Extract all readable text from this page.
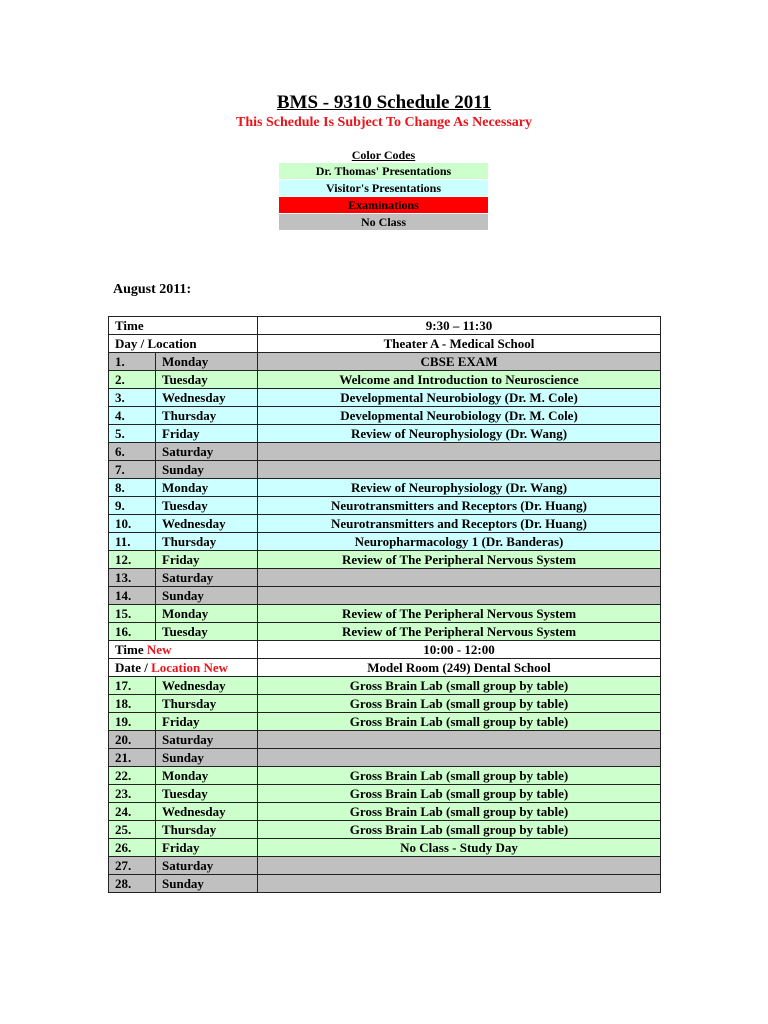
BMS - 9310 Schedule 2011
This Schedule Is Subject To Change As Necessary
Color Codes
Dr. Thomas' Presentations
Visitor's Presentations
Examinations
No Class
August 2011:
Time		9:30 – 11:30
Day / Location		Theater A - Medical School
1.	Monday	CBSE EXAM
2.	Tuesday	Welcome and Introduction to Neuroscience
3.	Wednesday	Developmental Neurobiology (Dr. M. Cole)
4.	Thursday	Developmental Neurobiology (Dr. M. Cole)
5.	Friday	Review of Neurophysiology (Dr. Wang)
6.	Saturday	
7.	Sunday	
8.	Monday	Review of Neurophysiology (Dr. Wang)
9.	Tuesday	Neurotransmitters and Receptors (Dr. Huang)
10.	Wednesday	Neurotransmitters and Receptors (Dr. Huang)
11.	Thursday	Neuropharmacology 1 (Dr. Banderas)
12.	Friday	Review of The Peripheral Nervous System
13.	Saturday	
14.	Sunday	
15.	Monday	Review of The Peripheral Nervous System
16.	Tuesday	Review of The Peripheral Nervous System
Time New		10:00 - 12:00
Date / Location New		Model Room (249) Dental School
17.	Wednesday	Gross Brain Lab (small group by table)
18.	Thursday	Gross Brain Lab (small group by table)
19.	Friday	Gross Brain Lab (small group by table)
20.	Saturday	
21.	Sunday	
22.	Monday	Gross Brain Lab (small group by table)
23.	Tuesday	Gross Brain Lab (small group by table)
24.	Wednesday	Gross Brain Lab (small group by table)
25.	Thursday	Gross Brain Lab (small group by table)
26.	Friday	No Class - Study Day
27.	Saturday	
28.	Sunday	
